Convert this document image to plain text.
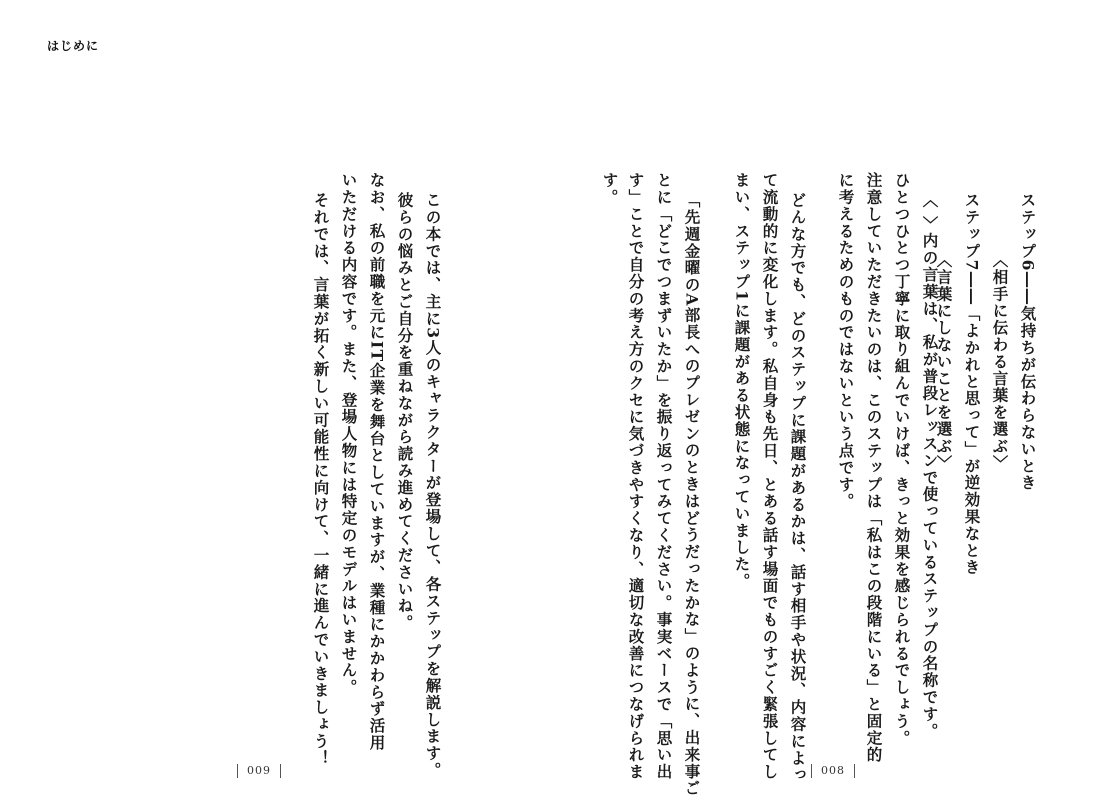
はじめに
この本では、主に3人のキャラクターが登場して、各ステップを解説します。
彼らの悩みとご自分を重ねながら読み進めてくださいね。
なお、私の前職を元にIT企業を舞台としていますが、業種にかかわらず活用
いただける内容です。また、登場人物には特定のモデルはいません。
それでは、言葉が拓く新しい可能性に向けて、一緒に進んでいきましょう！
009
ステップ6――気持ちが伝わらないとき
　　　　〈相手に伝わる言葉を選ぶ〉
ステップ7――「よかれと思って」が逆効果なとき
　　　　〈言葉にしないことを選ぶ〉
〈 〉内の言葉は、私が普段レッスンで使っているステップの名称です。
ひとつひとつ丁寧に取り組んでいけば、きっと効果を感じられるでしょう。
注意していただきたいのは、このステップは「私はこの段階にいる」と固定的
に考えるためのものではないという点です。
どんな方でも、どのステップに課題があるかは、話す相手や状況、内容によっ
て流動的に変化します。私自身も先日、とある話す場面でものすごく緊張してし
まい、ステップ1に課題がある状態になっていました。
「先週金曜のA部長へのプレゼンのときはどうだったかな」のように、出来事ご
とに「どこでつまずいたか」を振り返ってみてください。事実ベースで「思い出
す」ことで自分の考え方のクセに気づきやすくなり、適切な改善につなげられま
す。
008
